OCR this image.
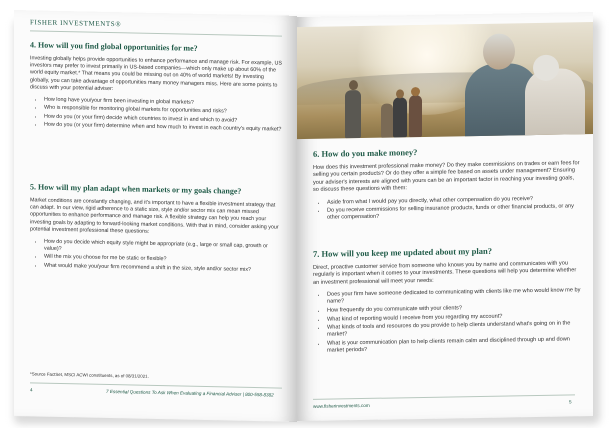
FISHER INVESTMENTS®
4. How will you find global opportunities for me?

Investing globally helps provide opportunities to enhance performance and manage risk. For example, US investors may prefer to invest primarily in US-based companies—which only make up about 60% of the world equity market.* That means you could be missing out on 40% of world markets! By investing globally, you can take advantage of opportunities many money managers miss. Here are some points to discuss with your potential adviser:

• How long have you/your firm been investing in global markets?
• Who is responsible for monitoring global markets for opportunities and risks?
• How do you (or your firm) decide which countries to invest in and which to avoid?
• How do you (or your firm) determine when and how much to invest in each country's equity market?
5. How will my plan adapt when markets or my goals change?

Market conditions are constantly changing, and it's important to have a flexible investment strategy that can adapt. In our view, rigid adherence to a static size, style and/or sector mix can mean missed opportunities to enhance performance and manage risk. A flexible strategy can help you reach your investing goals by adapting to forward-looking market conditions. With that in mind, consider asking your potential investment professional these questions:

• How do you decide which equity style might be appropriate (e.g., large or small cap, growth or value)?
• Will the mix you choose for me be static or flexible?
• What would make you/your firm recommend a shift in the size, style and/or sector mix?
*Source FactSet, MSCI ACWI constituents, as of 08/31/2021.
4	7 Essential Questions To Ask When Evaluating a Financial Adviser | 800-558-8382
6. How do you make money?

How does this investment professional make money? Do they make commissions on trades or earn fees for selling you certain products? Or do they offer a simple fee based on assets under management? Ensuring your adviser's interests are aligned with yours can be an important factor in reaching your investing goals, so discuss these questions with them:

• Aside from what I would pay you directly, what other compensation do you receive?
• Do you receive commissions for selling insurance products, funds or other financial products, or any other compensation?
7. How will you keep me updated about my plan?

Direct, proactive customer service from someone who knows you by name and communicates with you regularly is important when it comes to your investments. These questions will help you determine whether an investment professional will meet your needs:

• Does your firm have someone dedicated to communicating with clients like me who would know me by name?
• How frequently do you communicate with your clients?
• What kind of reporting would I receive from you regarding my account?
• What kinds of tools and resources do you provide to help clients understand what's going on in the market?
• What is your communication plan to help clients remain calm and disciplined through up and down market periods?
www.fisherinvestments.com
5
